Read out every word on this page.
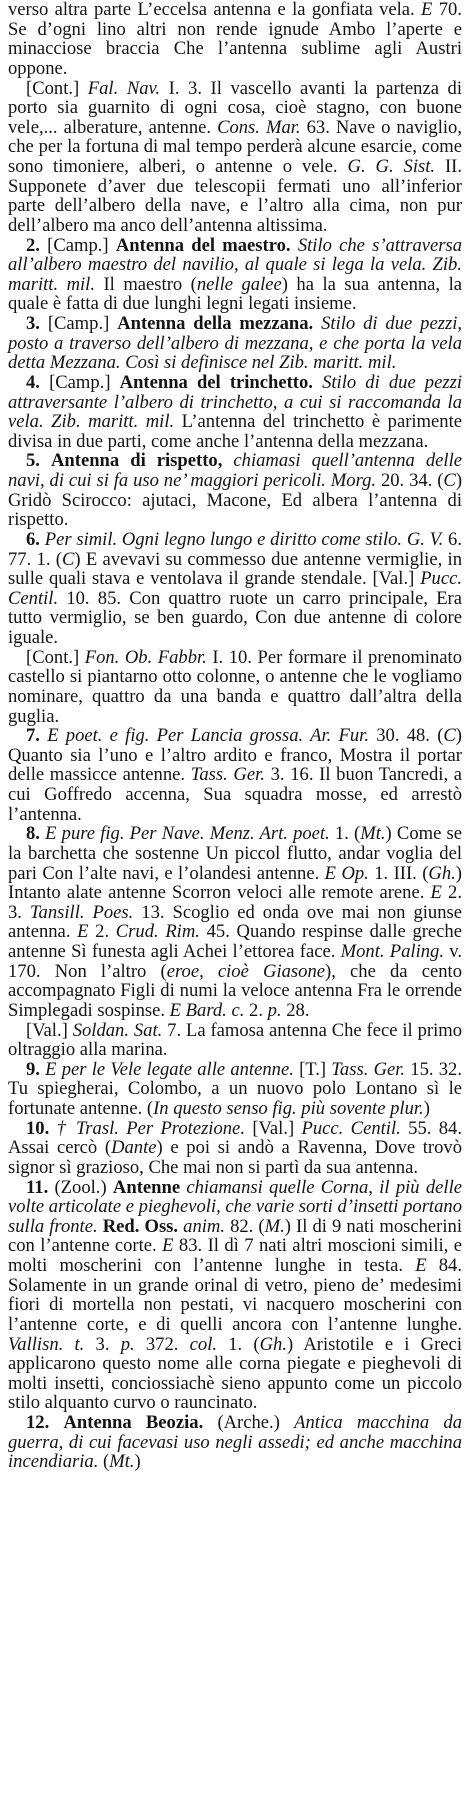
verso altra parte L’eccelsa antenna e la gonfiata vela. E 70. Se d’ogni lino altri non rende ignude Ambo l’aperte e minacciose braccia Che l’antenna sublime agli Austri oppone.

[Cont.] Fal. Nav. I. 3. Il vascello avanti la partenza di porto sia guarnito di ogni cosa, cioè stagno, con buone vele,... alberature, antenne. Cons. Mar. 63. Nave o naviglio, che per la fortuna di mal tempo perderà alcune esarcie, come sono timoniere, alberi, o antenne o vele. G. G. Sist. II. Supponete d’aver due telescopii fermati uno all’inferior parte dell’albero della nave, e l’altro alla cima, non pur dell’albero ma anco dell’antenna altissima.

2. [Camp.] Antenna del maestro. Stilo che s’attraversa all’albero maestro del navilio, al quale si lega la vela. Zib. maritt. mil. Il maestro (nelle galee) ha la sua antenna, la quale è fatta di due lunghi legni legati insieme.

3. [Camp.] Antenna della mezzana. Stilo di due pezzi, posto a traverso dell’albero di mezzana, e che porta la vela detta Mezzana. Così si definisce nel Zib. maritt. mil.

4. [Camp.] Antenna del trinchetto. Stilo di due pezzi attraversante l’albero di trinchetto, a cui si raccomanda la vela. Zib. maritt. mil. L’antenna del trinchetto è parimente divisa in due parti, come anche l’antenna della mezzana.

5. Antenna di rispetto, chiamasi quell’antenna delle navi, di cui si fa uso ne’ maggiori pericoli. Morg. 20. 34. (C) Gridò Scirocco: ajutaci, Macone, Ed albera l’antenna di rispetto.

6. Per simil. Ogni legno lungo e diritto come stilo. G. V. 6. 77. 1. (C) E avevavi su commesso due antenne vermiglie, in sulle quali stava e ventolava il grande stendale. [Val.] Pucc. Centil. 10. 85. Con quattro ruote un carro principale, Era tutto vermiglio, se ben guardo, Con due antenne di colore iguale.

[Cont.] Fon. Ob. Fabbr. I. 10. Per formare il prenominato castello si piantarno otto colonne, o antenne che le vogliamo nominare, quattro da una banda e quattro dall’altra della guglia.

7. E poet. e fig. Per Lancia grossa. Ar. Fur. 30. 48. (C) Quanto sia l’uno e l’altro ardito e franco, Mostra il portar delle massicce antenne. Tass. Ger. 3. 16. Il buon Tancredi, a cui Goffredo accenna, Sua squadra mosse, ed arrestò l’antenna.

8. E pure fig. Per Nave. Menz. Art. poet. 1. (Mt.) Come se la barchetta che sostenne Un piccol flutto, andar voglia del pari Con l’alte navi, e l’olandesi antenne. E Op. 1. III. (Gh.) Intanto alate antenne Scorron veloci alle remote arene. E 2. 3. Tansill. Poes. 13. Scoglio ed onda ove mai non giunse antenna. E 2. Crud. Rim. 45. Quando respinse dalle greche antenne Sì funesta agli Achei l’ettorea face. Mont. Paling. v. 170. Non l’altro (eroe, cioè Giasone), che da cento accompagnato Figli di numi la veloce antenna Fra le orrende Simplegadi sospinse. E Bard. c. 2. p. 28.

[Val.] Soldan. Sat. 7. La famosa antenna Che fece il primo oltraggio alla marina.

9. E per le Vele legate alle antenne. [T.] Tass. Ger. 15. 32. Tu spiegherai, Colombo, a un nuovo polo Lontano sì le fortunate antenne. (In questo senso fig. più sovente plur.)

10. † Trasl. Per Protezione. [Val.] Pucc. Centil. 55. 84. Assai cercò (Dante) e poi si andò a Ravenna, Dove trovò signor sì grazioso, Che mai non si partì da sua antenna.

11. (Zool.) Antenne chiamansi quelle Corna, il più delle volte articolate e pieghevoli, che varie sorti d’insetti portano sulla fronte. Red. Oss. anim. 82. (M.) Il di 9 nati moscherini con l’antenne corte. E 83. Il dì 7 nati altri moscioni simili, e molti moscherini con l’antenne lunghe in testa. E 84. Solamente in un grande orinal di vetro, pieno de’ medesimi fiori di mortella non pestati, vi nacquero moscherini con l’antenne corte, e di quelli ancora con l’antenne lunghe. Vallisn. t. 3. p. 372. col. 1. (Gh.) Aristotile e i Greci applicarono questo nome alle corna piegate e pieghevoli di molti insetti, conciossiachè sieno appunto come un piccolo stilo alquanto curvo o rauncinato.

12. Antenna Beozia. (Arche.) Antica macchina da guerra, di cui facevasi uso negli assedi; ed anche macchina incendiaria. (Mt.)
